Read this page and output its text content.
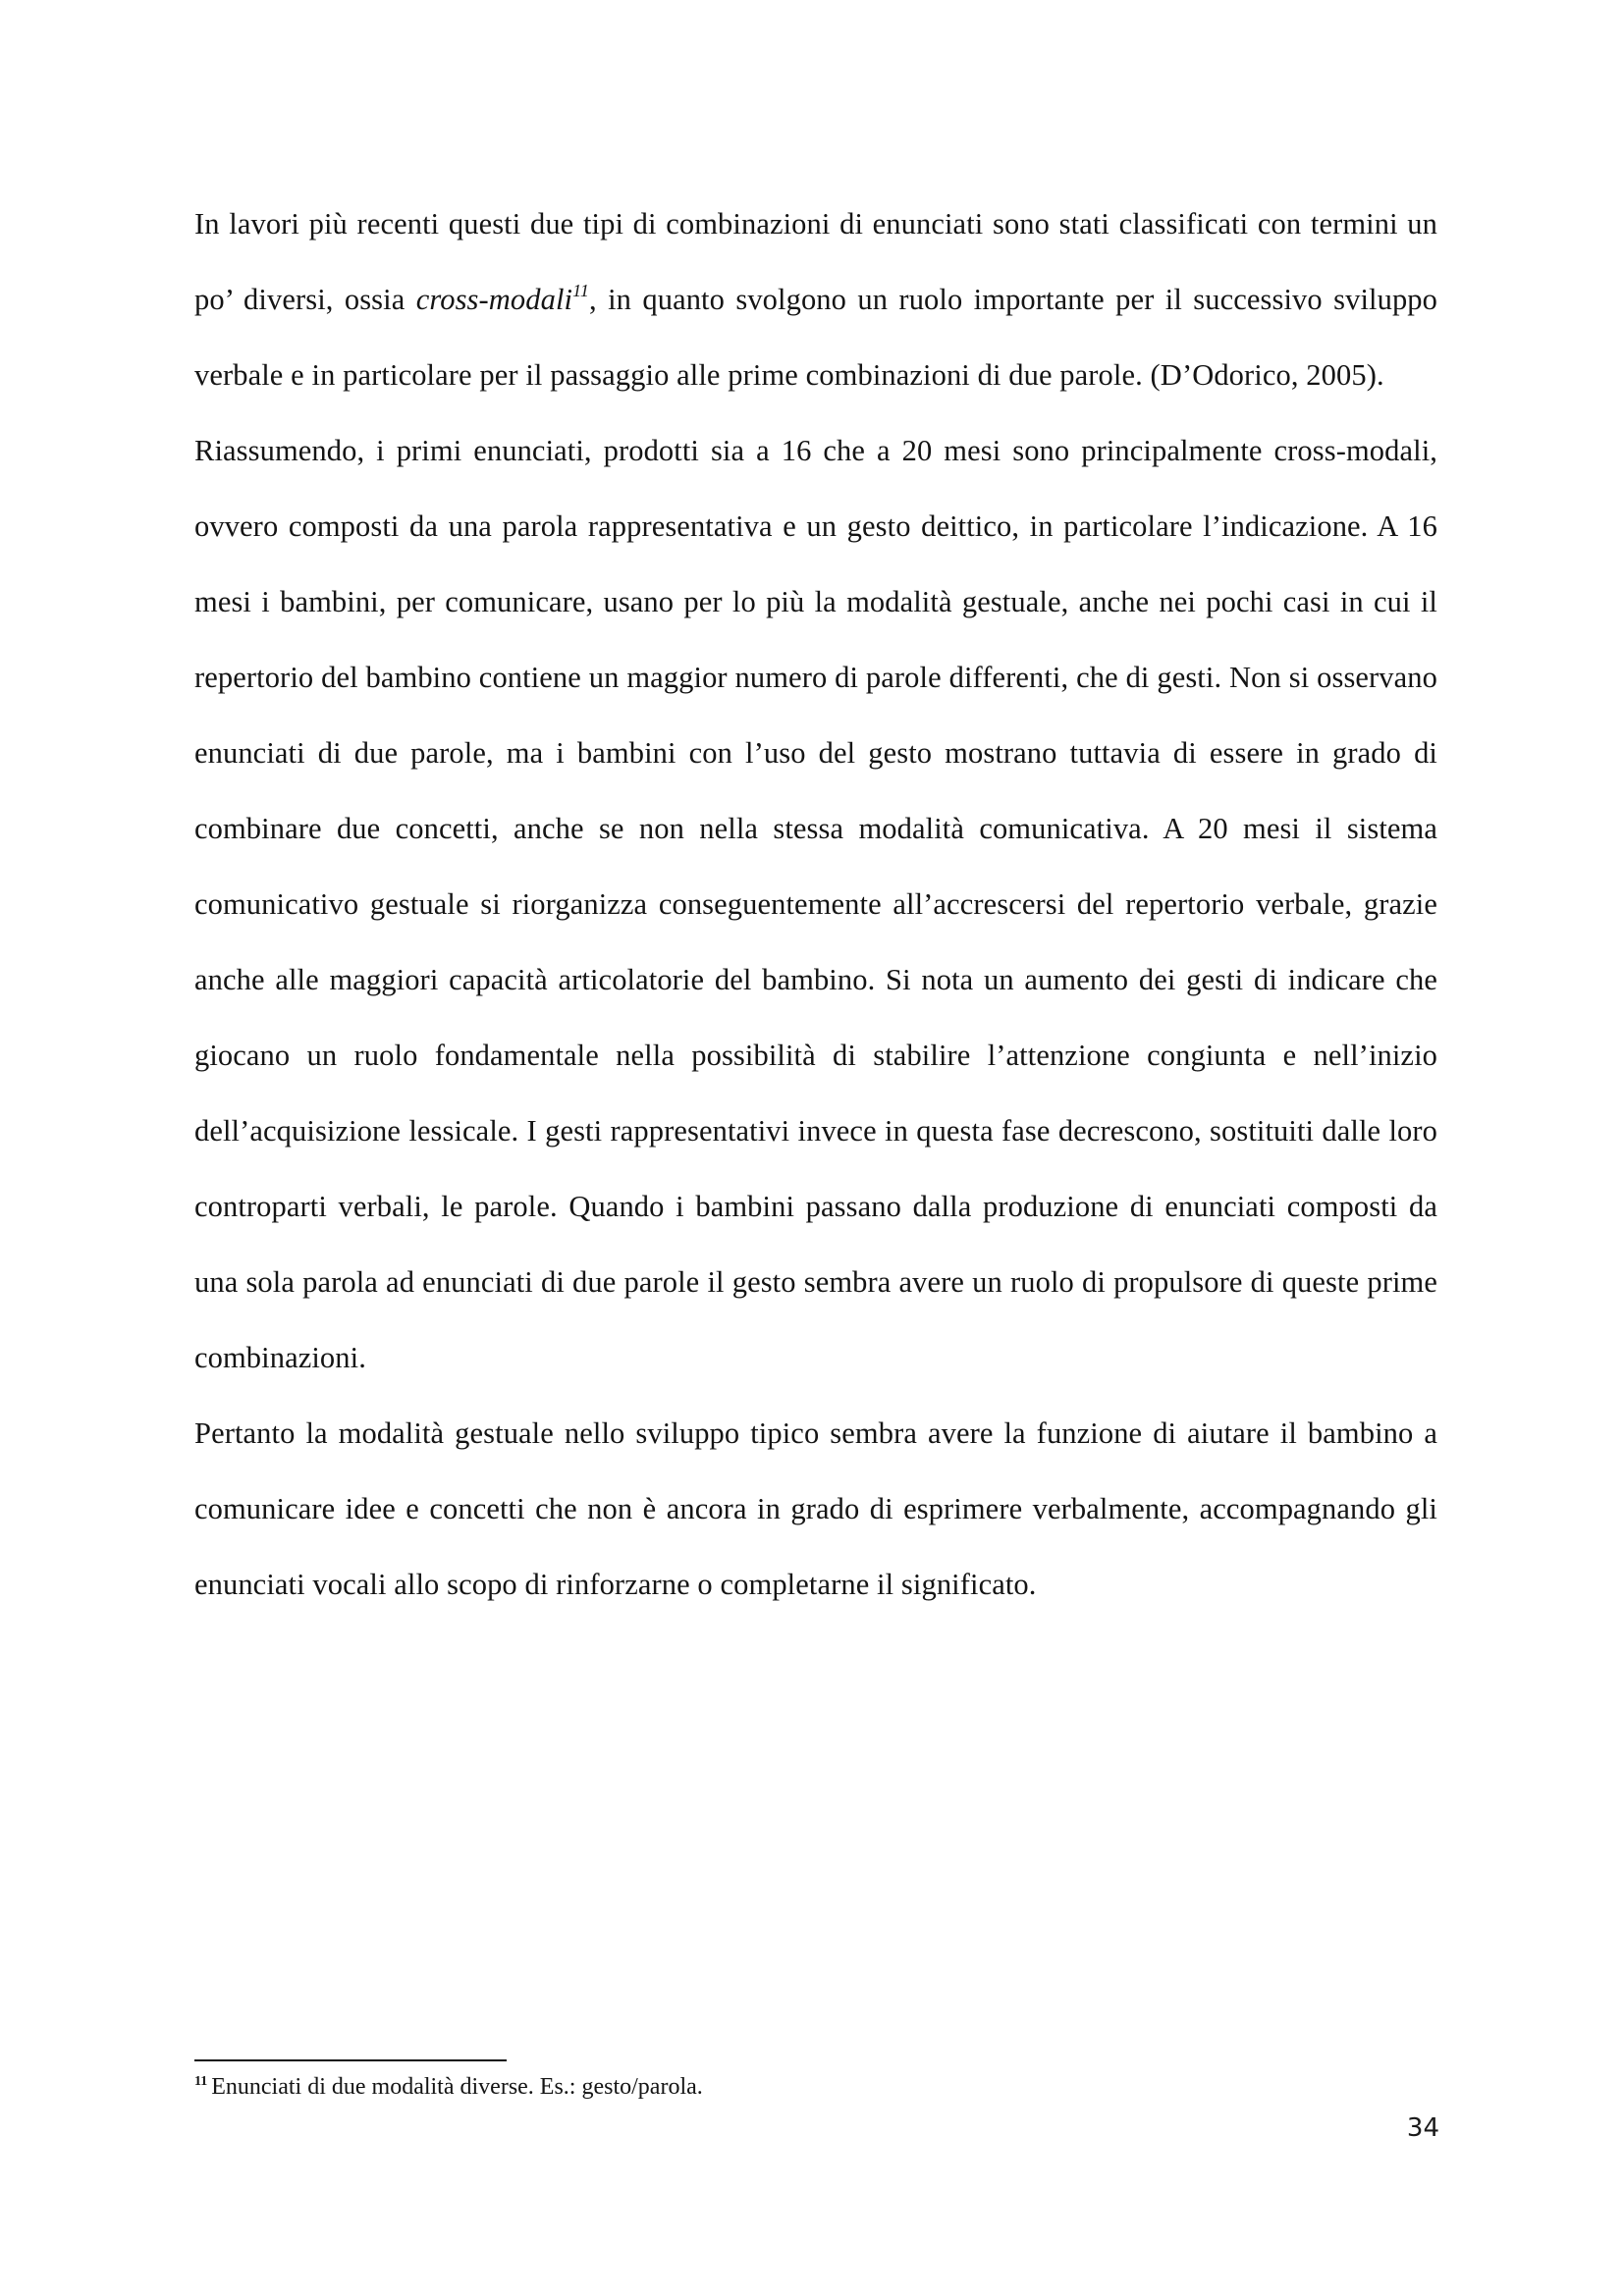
In lavori più recenti questi due tipi di combinazioni di enunciati sono stati classificati con termini un po’ diversi, ossia cross-modali$^{11}$, in quanto svolgono un ruolo importante per il successivo sviluppo verbale e in particolare per il passaggio alle prime combinazioni di due parole. (D’Odorico, 2005).

Riassumendo, i primi enunciati, prodotti sia a 16 che a 20 mesi sono principalmente cross-modali, ovvero composti da una parola rappresentativa e un gesto deittico, in particolare l’indicazione. A 16 mesi i bambini, per comunicare, usano per lo più la modalità gestuale, anche nei pochi casi in cui il repertorio del bambino contiene un maggior numero di parole differenti, che di gesti. Non si osservano enunciati di due parole, ma i bambini con l’uso del gesto mostrano tuttavia di essere in grado di combinare due concetti, anche se non nella stessa modalità comunicativa. A 20 mesi il sistema comunicativo gestuale si riorganizza conseguentemente all’accrescersi del repertorio verbale, grazie anche alle maggiori capacità articolatorie del bambino. Si nota un aumento dei gesti di indicare che giocano un ruolo fondamentale nella possibilità di stabilire l’attenzione congiunta e nell’inizio dell’acquisizione lessicale. I gesti rappresentativi invece in questa fase decrescono, sostituiti dalle loro controparti verbali, le parole. Quando i bambini passano dalla produzione di enunciati composti da una sola parola ad enunciati di due parole il gesto sembra avere un ruolo di propulsore di queste prime combinazioni.

Pertanto la modalità gestuale nello sviluppo tipico sembra avere la funzione di aiutare il bambino a comunicare idee e concetti che non è ancora in grado di esprimere verbalmente, accompagnando gli enunciati vocali allo scopo di rinforzarne o completarne il significato.

$^{11}$ Enunciati di due modalità diverse. Es.: gesto/parola.
34
